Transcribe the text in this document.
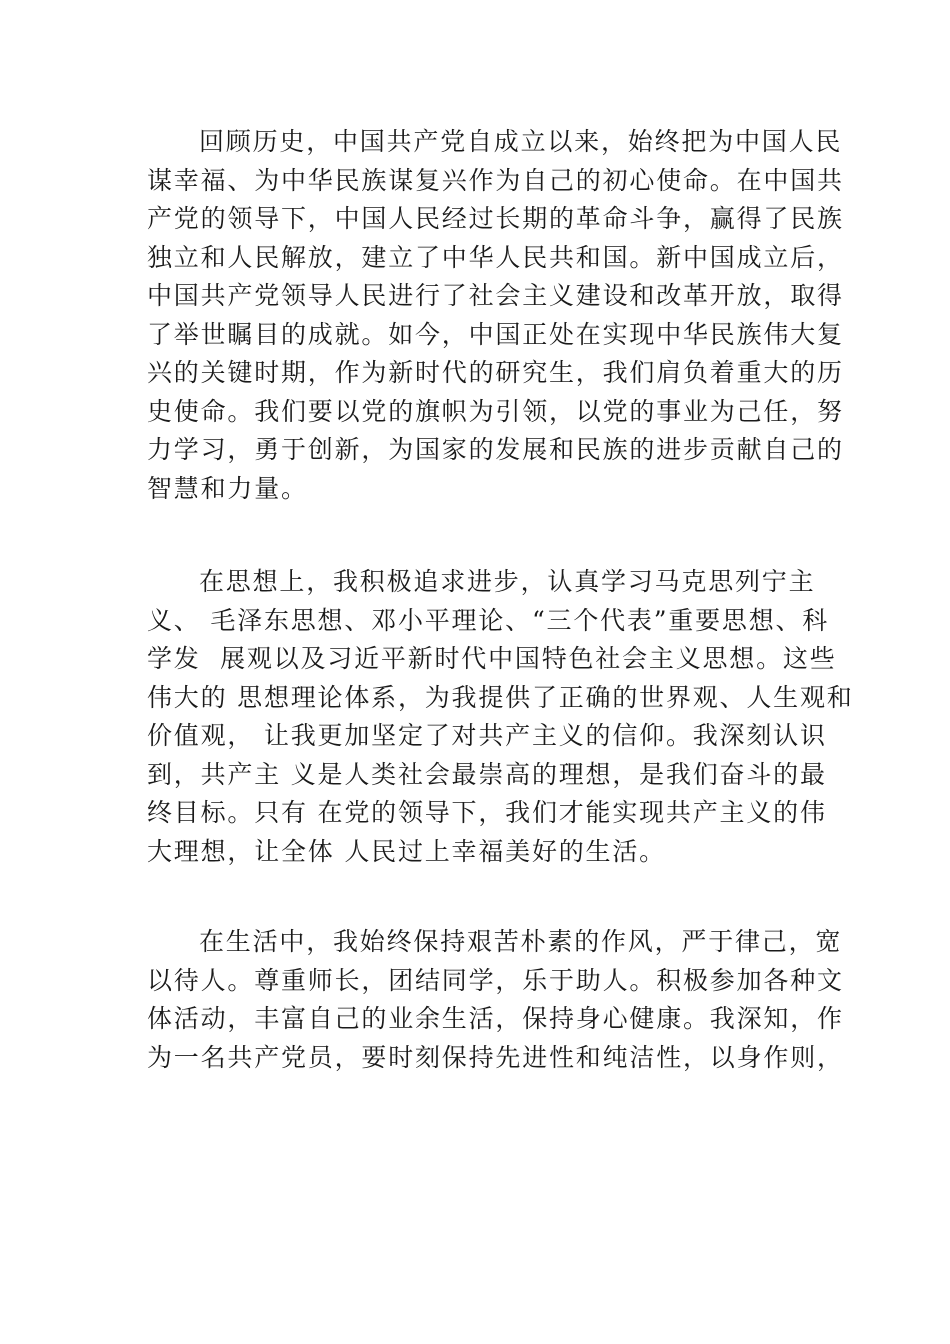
回顾历史，中国共产党自成立以来，始终把为中国人民
谋幸福、为中华民族谋复兴作为自己的初心使命。在中国共
产党的领导下，中国人民经过长期的革命斗争，赢得了民族
独立和人民解放，建立了中华人民共和国。新中国成立后，
中国共产党领导人民进行了社会主义建设和改革开放，取得
了举世瞩目的成就。如今，中国正处在实现中华民族伟大复
兴的关键时期，作为新时代的研究生，我们肩负着重大的历
史使命。我们要以党的旗帜为引领，以党的事业为己任，努
力学习，勇于创新，为国家的发展和民族的进步贡献自己的
智慧和力量。
在思想上，我积极追求进步，认真学习马克思列宁主
义、 毛泽东思想、邓小平理论、“三个代表”重要思想、科
学发  展观以及习近平新时代中国特色社会主义思想。这些
伟大的 思想理论体系，为我提供了正确的世界观、人生观和
价值观， 让我更加坚定了对共产主义的信仰。我深刻认识
到，共产主 义是人类社会最崇高的理想，是我们奋斗的最
终目标。只有 在党的领导下，我们才能实现共产主义的伟
大理想，让全体 人民过上幸福美好的生活。
在生活中，我始终保持艰苦朴素的作风，严于律己，宽
以待人。尊重师长，团结同学，乐于助人。积极参加各种文
体活动，丰富自己的业余生活，保持身心健康。我深知，作
为一名共产党员，要时刻保持先进性和纯洁性，以身作则，
